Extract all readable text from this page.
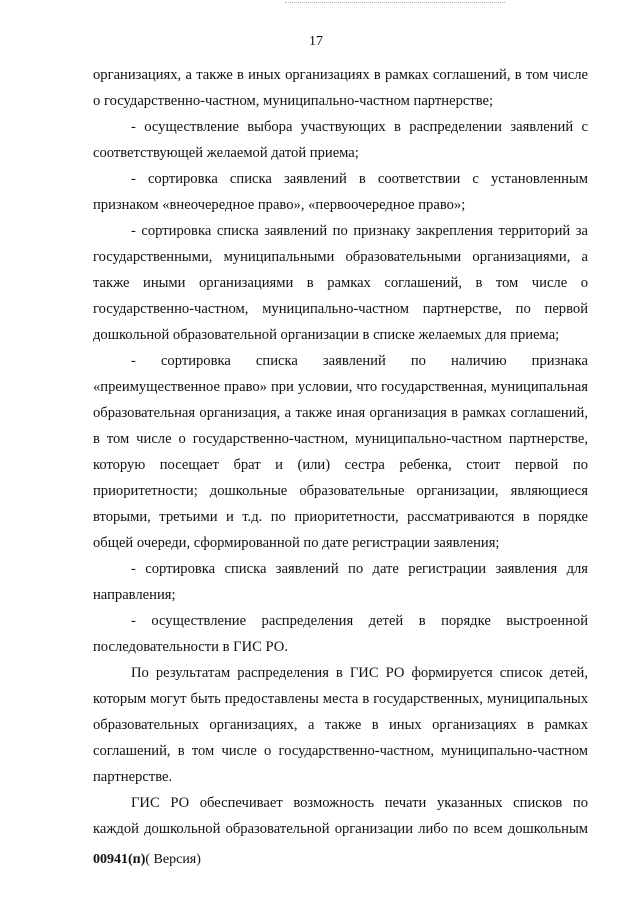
17

организациях, а также в иных организациях в рамках соглашений, в том числе о государственно-частном, муниципально-частном партнерстве;

- осуществление выбора участвующих в распределении заявлений с соответствующей желаемой датой приема;

- сортировка списка заявлений в соответствии с установленным признаком «внеочередное право», «первоочередное право»;

- сортировка списка заявлений по признаку закрепления территорий за государственными, муниципальными образовательными организациями, а также иными организациями в рамках соглашений, в том числе о государственно-частном, муниципально-частном партнерстве, по первой дошкольной образовательной организации в списке желаемых для приема;

- сортировка списка заявлений по наличию признака «преимущественное право» при условии, что государственная, муниципальная образовательная организация, а также иная организация в рамках соглашений, в том числе о государственно-частном, муниципально-частном партнерстве, которую посещает брат и (или) сестра ребенка, стоит первой по приоритетности; дошкольные образовательные организации, являющиеся вторыми, третьими и т.д. по приоритетности, рассматриваются в порядке общей очереди, сформированной по дате регистрации заявления;

- сортировка списка заявлений по дате регистрации заявления для направления;

- осуществление распределения детей в порядке выстроенной последовательности в ГИС РО.

По результатам распределения в ГИС РО формируется список детей, которым могут быть предоставлены места в государственных, муниципальных образовательных организациях, а также в иных организациях в рамках соглашений, в том числе о государственно-частном, муниципально-частном партнерстве.

ГИС РО обеспечивает возможность печати указанных списков по каждой дошкольной образовательной организации либо по всем дошкольным

00941(п)( Версия)
